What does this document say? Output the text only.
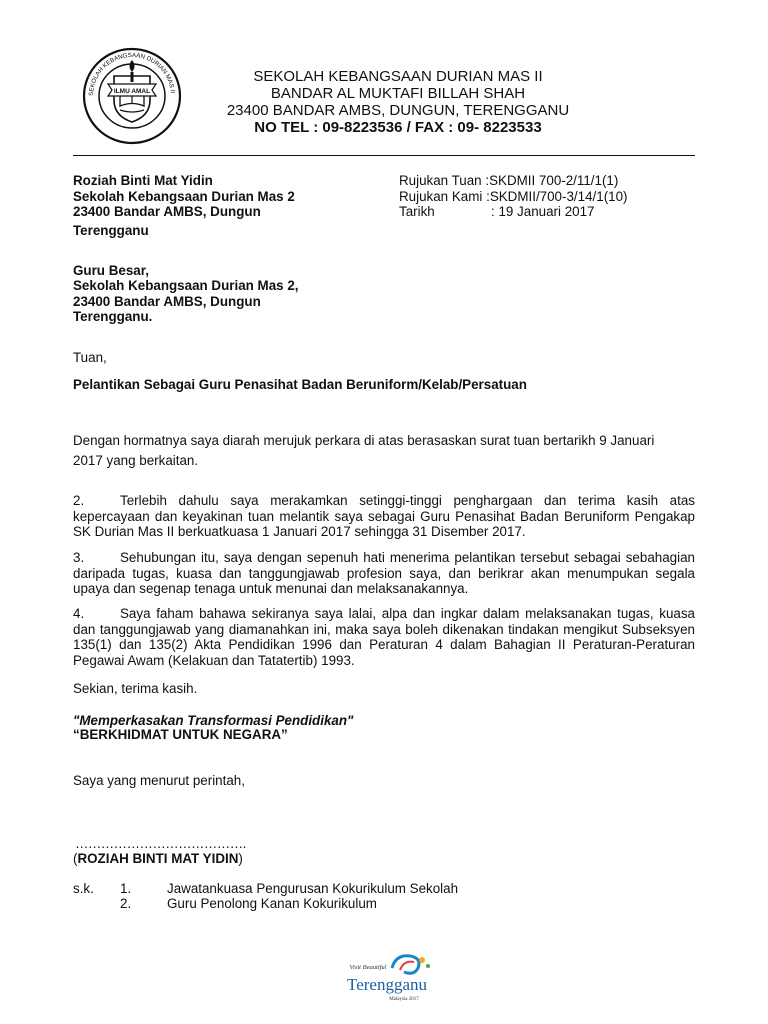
SEKOLAH KEBANGSAAN DURIAN MAS II
ILMU AMAL
SEKOLAH KEBANGSAAN DURIAN MAS II
BANDAR AL MUKTAFI BILLAH SHAH
23400 BANDAR AMBS, DUNGUN, TERENGGANU
NO TEL : 09-8223536 / FAX : 09- 8223533
Roziah Binti Mat Yidin
Sekolah Kebangsaan Durian Mas 2
23400 Bandar AMBS, Dungun
Terengganu
Rujukan Tuan :SKDMII 700-2/11/1(1)
Rujukan Kami :SKDMII/700-3/14/1(10)
Tarikh	: 19 Januari 2017
Guru Besar,
Sekolah Kebangsaan Durian Mas 2,
23400 Bandar AMBS, Dungun
Terengganu.
Tuan,
Pelantikan Sebagai Guru Penasihat Badan Beruniform/Kelab/Persatuan
Dengan hormatnya saya diarah merujuk perkara di atas berasaskan surat tuan bertarikh 9 Januari
2017 yang berkaitan.
2.	Terlebih dahulu saya merakamkan setinggi-tinggi penghargaan dan terima kasih atas kepercayaan dan keyakinan tuan melantik saya sebagai Guru Penasihat Badan Beruniform Pengakap SK Durian Mas II berkuatkuasa 1 Januari 2017 sehingga 31 Disember 2017.
3.	Sehubungan itu, saya dengan sepenuh hati menerima pelantikan tersebut sebagai sebahagian daripada tugas, kuasa dan tanggungjawab profesion saya, dan berikrar akan menumpukan segala upaya dan segenap tenaga untuk menunai dan melaksanakannya.
4.	Saya faham bahawa sekiranya saya lalai, alpa dan ingkar dalam melaksanakan tugas, kuasa dan tanggungjawab yang diamanahkan ini, maka saya boleh dikenakan tindakan mengikut Subseksyen 135(1) dan 135(2) Akta Pendidikan 1996 dan Peraturan 4 dalam Bahagian II Peraturan-Peraturan Pegawai Awam (Kelakuan dan Tatatertib) 1993.
Sekian, terima kasih.
"Memperkasakan Transformasi Pendidikan"
“BERKHIDMAT UNTUK NEGARA”
Saya yang menurut perintah,
………………………………….
(ROZIAH BINTI MAT YIDIN)
s.k. 1.	Jawatankuasa Pengurusan Kokurikulum Sekolah
2.	Guru Penolong Kanan Kokurikulum
Visit Beautiful
Terengganu
Malaysia 2017
